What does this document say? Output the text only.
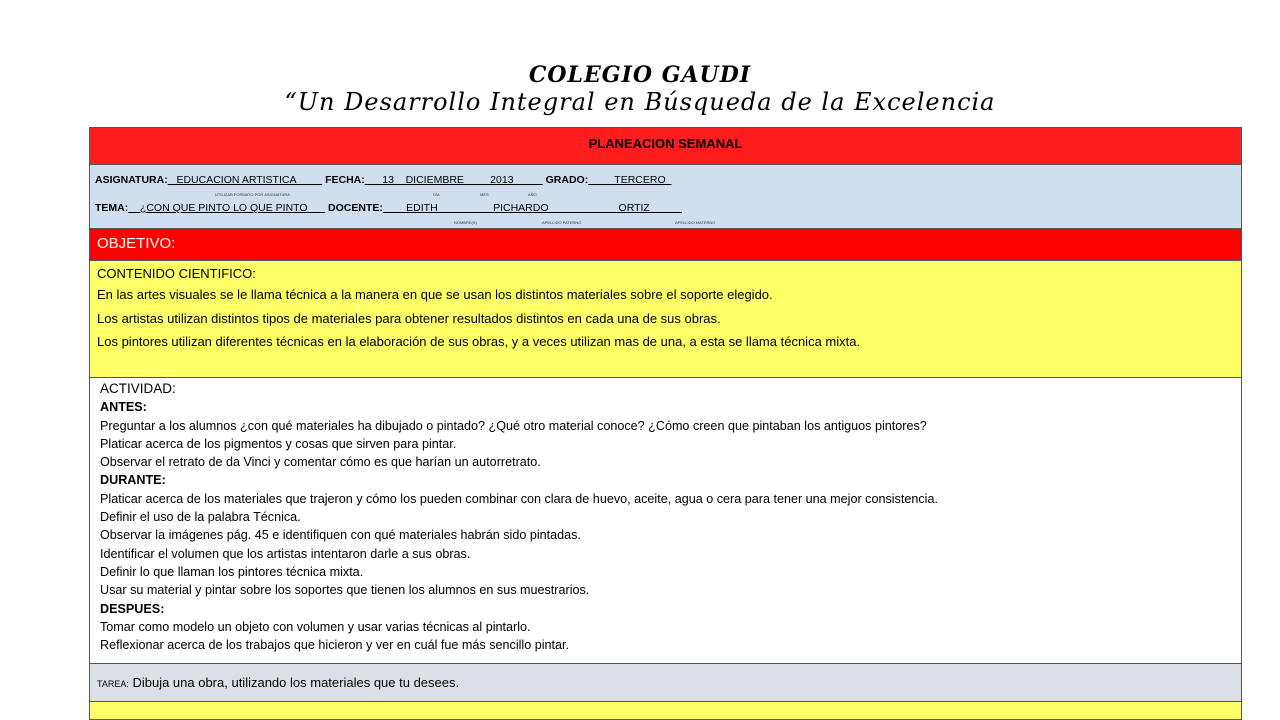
COLEGIO GAUDI
“Un Desarrollo Integral en Búsqueda de la Excelencia
PLANEACION SEMANAL
ASIGNATURA:   EDUCACION ARTISTICA          FECHA:      13    DICIEMBRE         2013           GRADO:         TERCERO
UTILIZAR FORMATO POR ASIGNATURA	DÍA	MES	AÑO
TEMA:    ¿CON QUE PINTO LO QUE PINTO       DOCENTE:        EDITH                   PICHARDO                        ORTIZ
NOMBRE(S)	APELLIDO PATERNO	APELLIDO MATERNO
OBJETIVO:
CONTENIDO CIENTIFICO:
En las artes visuales se le llama técnica a la manera en que se usan los distintos materiales sobre el soporte elegido.
Los artistas utilizan distintos tipos de materiales para obtener resultados distintos en cada una de sus obras.
Los pintores utilizan diferentes técnicas en la elaboración de sus obras, y a veces utilizan mas de una, a esta se llama técnica mixta.
ACTIVIDAD:
ANTES:
Preguntar a los alumnos ¿con qué materiales ha dibujado o pintado? ¿Qué otro material conoce? ¿Cómo creen que pintaban los antiguos pintores?
Platicar acerca de los pigmentos y cosas que sirven para pintar.
Observar el retrato de da Vinci y comentar cómo es que harían un autorretrato.
DURANTE:
Platicar acerca de los materiales que trajeron y cómo los pueden combinar con clara de huevo, aceite, agua o cera para tener una mejor consistencia.
Definir el uso de la palabra Técnica.
Observar la imágenes pág. 45 e identifiquen con qué materiales habrán sido pintadas.
Identificar el volumen que los artistas intentaron darle a sus obras.
Definir lo que llaman los pintores técnica mixta.
Usar su material y pintar sobre los soportes que tienen los alumnos en sus muestrarios.
DESPUES:
Tomar como modelo un objeto con volumen y usar varias técnicas al pintarlo.
Reflexionar acerca de los trabajos que hicieron y ver en cuál fue más sencillo pintar.
TAREA: Dibuja una obra, utilizando los materiales que tu desees.
